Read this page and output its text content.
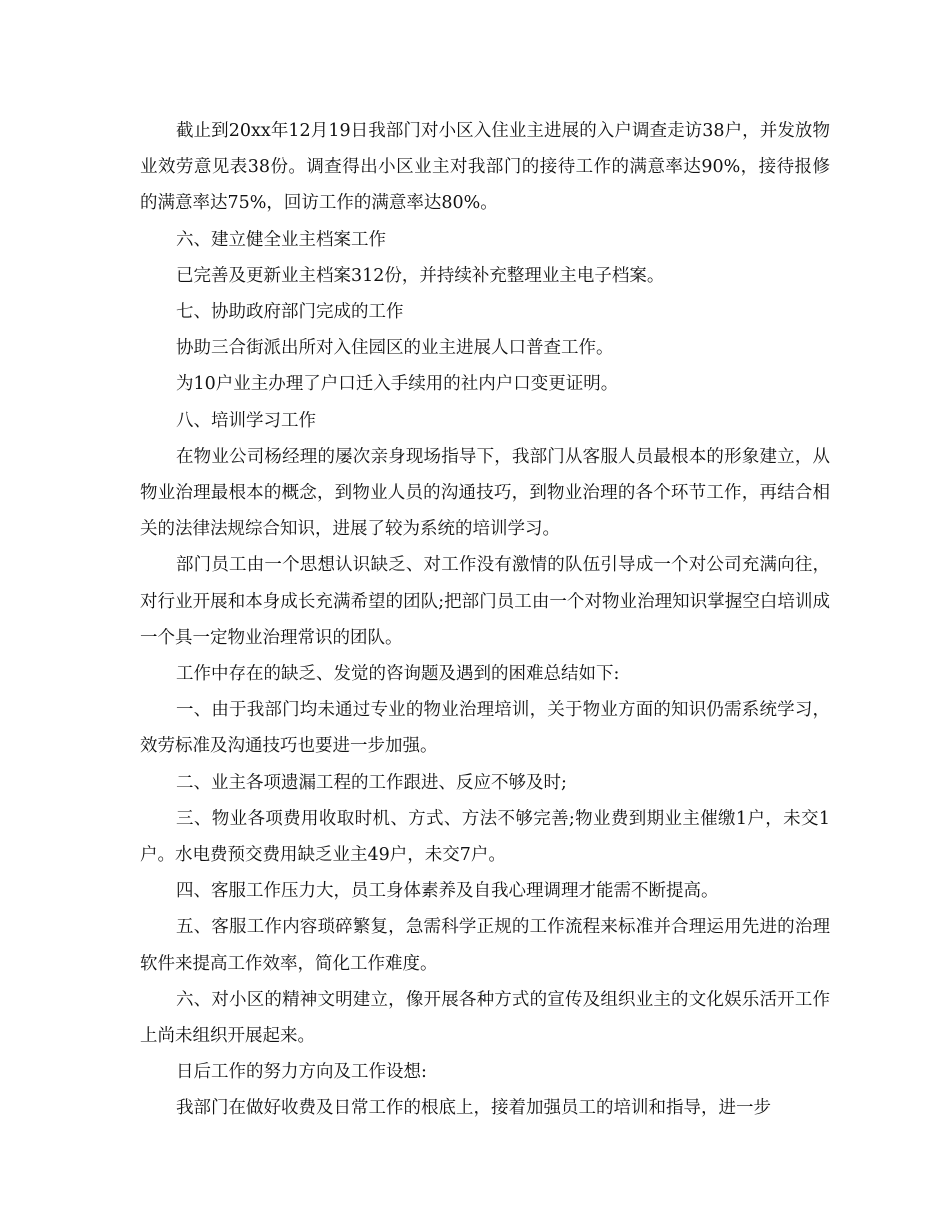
截止到20xx年12月19日我部门对小区入住业主进展的入户调查走访38户，并发放物业效劳意见表38份。调查得出小区业主对我部门的接待工作的满意率达90%，接待报修的满意率达75%，回访工作的满意率达80%。

六、建立健全业主档案工作

已完善及更新业主档案312份，并持续补充整理业主电子档案。

七、协助政府部门完成的工作

协助三合街派出所对入住园区的业主进展人口普查工作。

为10户业主办理了户口迁入手续用的社内户口变更证明。

八、培训学习工作

在物业公司杨经理的屡次亲身现场指导下，我部门从客服人员最根本的形象建立，从物业治理最根本的概念，到物业人员的沟通技巧，到物业治理的各个环节工作，再结合相关的法律法规综合知识，进展了较为系统的培训学习。

部门员工由一个思想认识缺乏、对工作没有激情的队伍引导成一个对公司充满向往，对行业开展和本身成长充满希望的团队;把部门员工由一个对物业治理知识掌握空白培训成一个具一定物业治理常识的团队。

工作中存在的缺乏、发觉的咨询题及遇到的困难总结如下:

一、由于我部门均未通过专业的物业治理培训，关于物业方面的知识仍需系统学习，效劳标准及沟通技巧也要进一步加强。

二、业主各项遗漏工程的工作跟进、反应不够及时;

三、物业各项费用收取时机、方式、方法不够完善;物业费到期业主催缴1户，未交1户。水电费预交费用缺乏业主49户，未交7户。

四、客服工作压力大，员工身体素养及自我心理调理才能需不断提高。

五、客服工作内容琐碎繁复，急需科学正规的工作流程来标准并合理运用先进的治理软件来提高工作效率，简化工作难度。

六、对小区的精神文明建立，像开展各种方式的宣传及组织业主的文化娱乐活开工作上尚未组织开展起来。

日后工作的努力方向及工作设想:

我部门在做好收费及日常工作的根底上，接着加强员工的培训和指导，进一步
